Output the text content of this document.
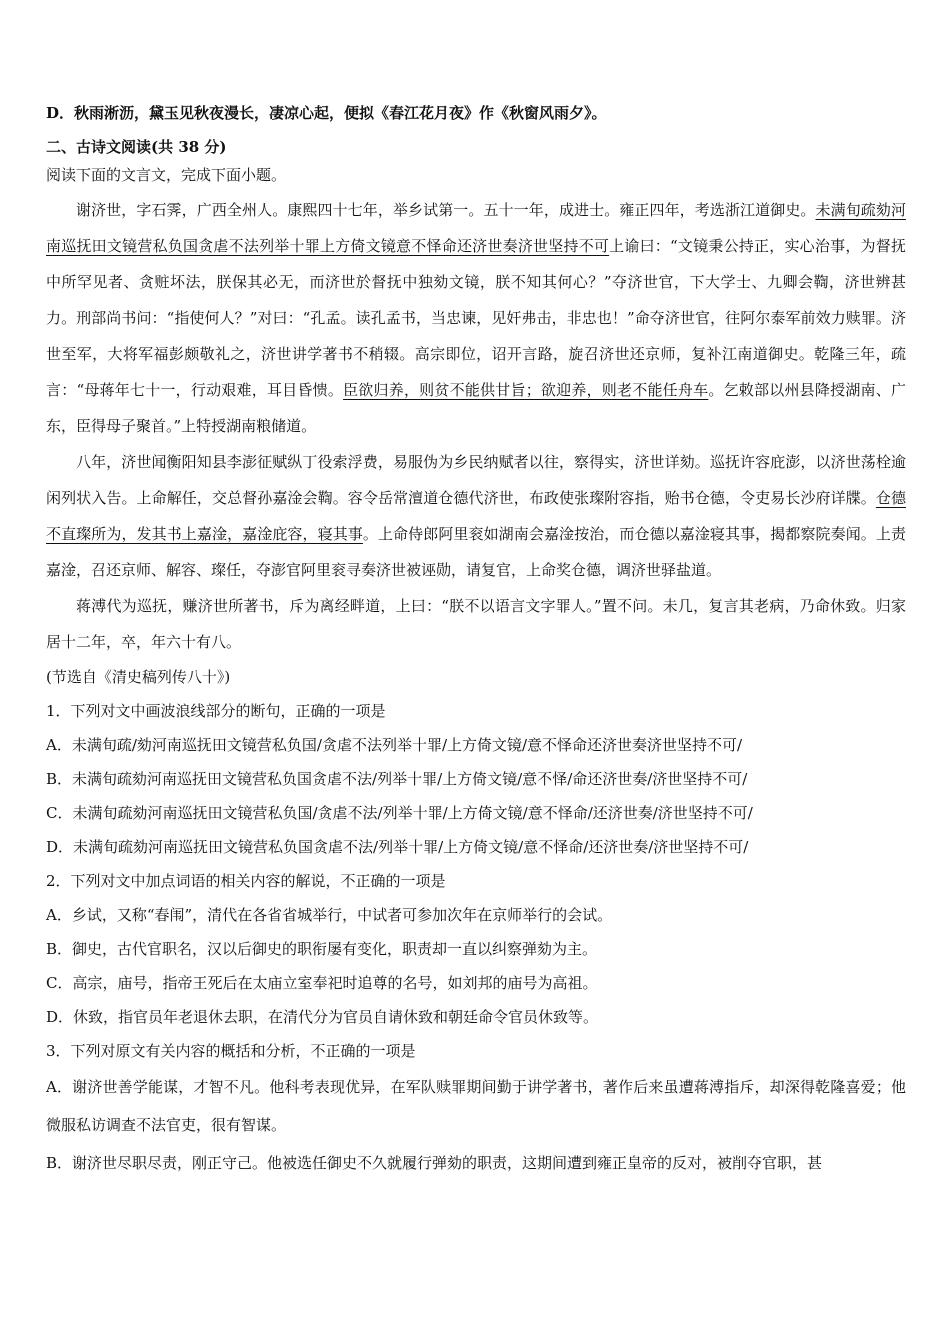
D．秋雨淅沥，黛玉见秋夜漫长，凄凉心起，便拟《春江花月夜》作《秋窗风雨夕》。
二、古诗文阅读(共 38 分)
阅读下面的文言文，完成下面小题。
谢济世，字石霁，广西全州人。康熙四十七年，举乡试第一。五十一年，成进士。雍正四年，考选浙江道御史。未满旬疏劾河南巡抚田文镜营私负国贪虐不法列举十罪上方倚文镜意不怿命还济世奏济世坚持不可上谕曰：“文镜秉公持正，实心治事，为督抚中所罕见者、贪赃坏法，朕保其必无，而济世於督抚中独劾文镜，朕不知其何心？”夺济世官，下大学士、九卿会鞫，济世辨甚力。刑部尚书问：“指使何人？”对曰：“孔孟。读孔孟书，当忠谏，见奸弗击，非忠也！”命夺济世官，往阿尔泰军前效力赎罪。济世至军，大将军福彭颇敬礼之，济世讲学著书不稍辍。高宗即位，诏开言路，旋召济世还京师，复补江南道御史。乾隆三年，疏言：“母蒋年七十一，行动艰难，耳目昏愦。臣欲归养，则贫不能供甘旨；欲迎养，则老不能任舟车。乞敕部以州县降授湖南、广东，臣得母子聚首。”上特授湖南粮储道。
八年，济世闻衡阳知县李澎征赋纵丁役索浮费，易服伪为乡民纳赋者以往，察得实，济世详劾。巡抚许容庇澎，以济世荡栓逾闲列状入告。上命解任，交总督孙嘉淦会鞫。容令岳常澶道仓德代济世，布政使张璨附容指，贻书仓德，令吏易长沙府详牒。仓德不直璨所为，发其书上嘉淦，嘉淦庇容，寝其事。上命侍郎阿里衮如湖南会嘉淦按治，而仓德以嘉淦寝其事，揭都察院奏闻。上责嘉淦，召还京师、解容、璨任，夺澎官阿里衮寻奏济世被诬勋，请复官，上命奖仓德，调济世驿盐道。
蒋溥代为巡抚，赚济世所著书，斥为离经畔道，上曰：“朕不以语言文字罪人。”置不问。未几，复言其老病，乃命休致。归家居十二年，卒，年六十有八。
(节选自《清史稿列传八十》)
1．下列对文中画波浪线部分的断句，正确的一项是
A．未满旬疏/劾河南巡抚田文镜营私负国/贪虐不法列举十罪/上方倚文镜/意不怿命还济世奏济世坚持不可/
B．未满旬疏劾河南巡抚田文镜营私负国贪虐不法/列举十罪/上方倚文镜/意不怿/命还济世奏/济世坚持不可/
C．未满旬疏劾河南巡抚田文镜营私负国/贪虐不法/列举十罪/上方倚文镜/意不怿命/还济世奏/济世坚持不可/
D．未满旬疏劾河南巡抚田文镜营私负国贪虐不法/列举十罪/上方倚文镜/意不怿命/还济世奏/济世坚持不可/
2．下列对文中加点词语的相关内容的解说，不正确的一项是
A．乡试，又称“春闱”，清代在各省省城举行，中试者可参加次年在京师举行的会试。
B．御史，古代官职名，汉以后御史的职衔屡有变化，职责却一直以纠察弹劾为主。
C．高宗，庙号，指帝王死后在太庙立室奉祀时追尊的名号，如刘邦的庙号为高祖。
D．休致，指官员年老退休去职，在清代分为官员自请休致和朝廷命令官员休致等。
3．下列对原文有关内容的概括和分析，不正确的一项是
A．谢济世善学能谋，才智不凡。他科考表现优异，在军队赎罪期间勤于讲学著书，著作后来虽遭蒋溥指斥，却深得乾隆喜爱；他微服私访调查不法官吏，很有智谋。
B．谢济世尽职尽责，刚正守己。他被选任御史不久就履行弹劾的职责，这期间遭到雍正皇帝的反对，被削夺官职，甚
